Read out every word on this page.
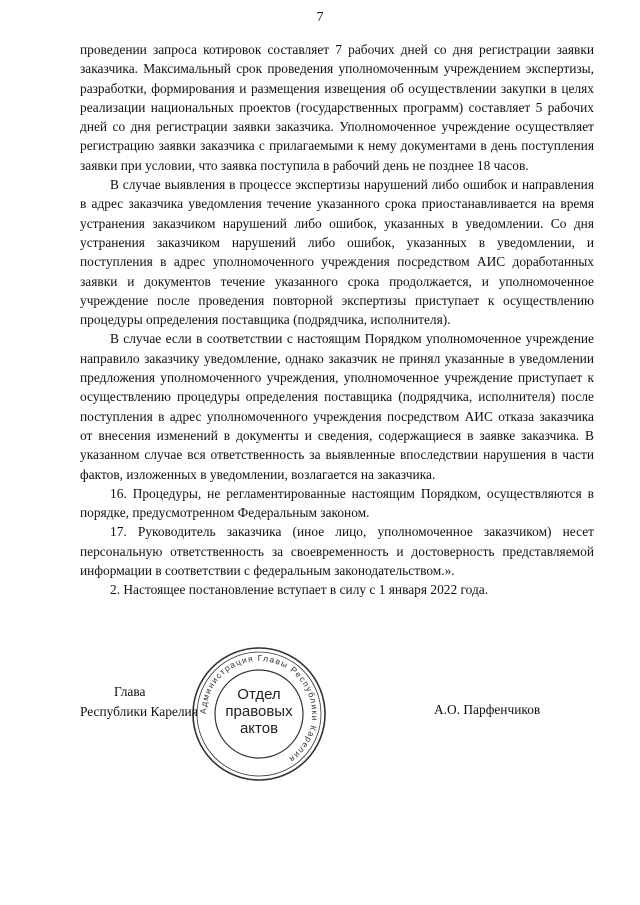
7

проведении запроса котировок составляет 7 рабочих дней со дня регистрации заявки заказчика. Максимальный срок проведения уполномоченным учреждением экспертизы, разработки, формирования и размещения извещения об осуществлении закупки в целях реализации национальных проектов (государственных программ) составляет 5 рабочих дней со дня регистрации заявки заказчика. Уполномоченное учреждение осуществляет регистрацию заявки заказчика с прилагаемыми к нему документами в день поступления заявки при условии, что заявка поступила в рабочий день не позднее 18 часов.

В случае выявления в процессе экспертизы нарушений либо ошибок и направления в адрес заказчика уведомления течение указанного срока приостанавливается на время устранения заказчиком нарушений либо ошибок, указанных в уведомлении. Со дня устранения заказчиком нарушений либо ошибок, указанных в уведомлении, и поступления в адрес уполномоченного учреждения посредством АИС доработанных заявки и документов течение указанного срока продолжается, и уполномоченное учреждение после проведения повторной экспертизы приступает к осуществлению процедуры определения поставщика (подрядчика, исполнителя).

В случае если в соответствии с настоящим Порядком уполномоченное учреждение направило заказчику уведомление, однако заказчик не принял указанные в уведомлении предложения уполномоченного учреждения, уполномоченное учреждение приступает к осуществлению процедуры определения поставщика (подрядчика, исполнителя) после поступления в адрес уполномоченного учреждения посредством АИС отказа заказчика от внесения изменений в документы и сведения, содержащиеся в заявке заказчика. В указанном случае вся ответственность за выявленные впоследствии нарушения в части фактов, изложенных в уведомлении, возлагается на заказчика.

16. Процедуры, не регламентированные настоящим Порядком, осуществляются в порядке, предусмотренном Федеральным законом.

17. Руководитель заказчика (иное лицо, уполномоченное заказчиком) несет персональную ответственность за своевременность и достоверность представляемой информации в соответствии с федеральным законодательством.».

2. Настоящее постановление вступает в силу с 1 января 2022 года.

Администрация Главы Республики Карелия
Отдел
правовых
актов
Глава
Республики Карелия	А.О. Парфенчиков
